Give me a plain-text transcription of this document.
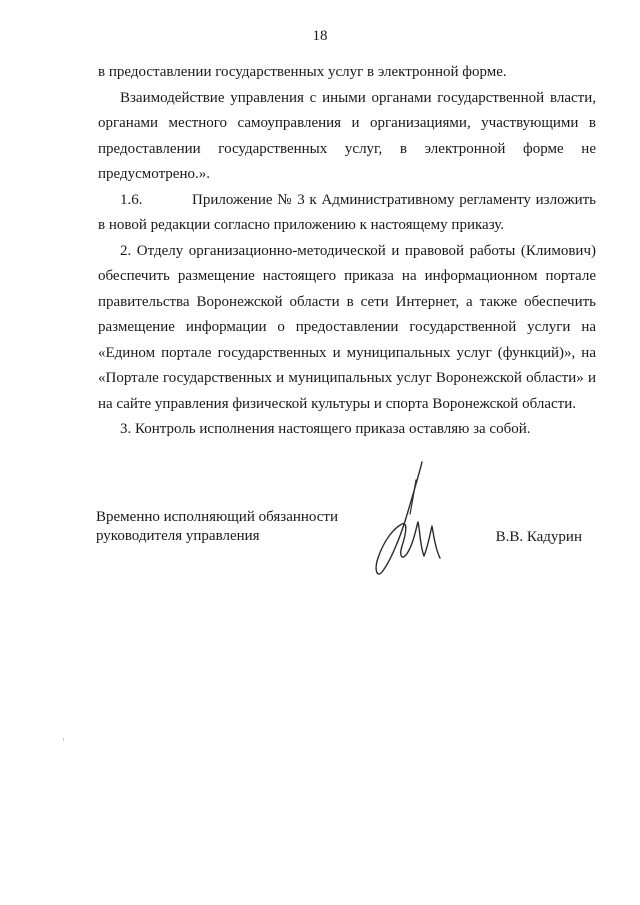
18

в предоставлении государственных услуг в электронной форме.

Взаимодействие управления с иными органами государственной власти, органами местного самоуправления и организациями, участвующими в предоставлении государственных услуг, в электронной форме не предусмотрено.».

1.6.	Приложение № 3 к Административному регламенту изложить в новой редакции согласно приложению к настоящему приказу.

2. Отделу организационно-методической и правовой работы (Климович) обеспечить размещение настоящего приказа на информационном портале правительства Воронежской области в сети Интернет, а также обеспечить размещение информации о предоставлении государственной услуги на «Едином портале государственных и муниципальных услуг (функций)», на «Портале государственных и муниципальных услуг Воронежской области» и на сайте управления физической культуры и спорта Воронежской области.

3. Контроль исполнения настоящего приказа оставляю за собой.

Временно исполняющий обязанности
руководителя управления	В.В. Кадурин
